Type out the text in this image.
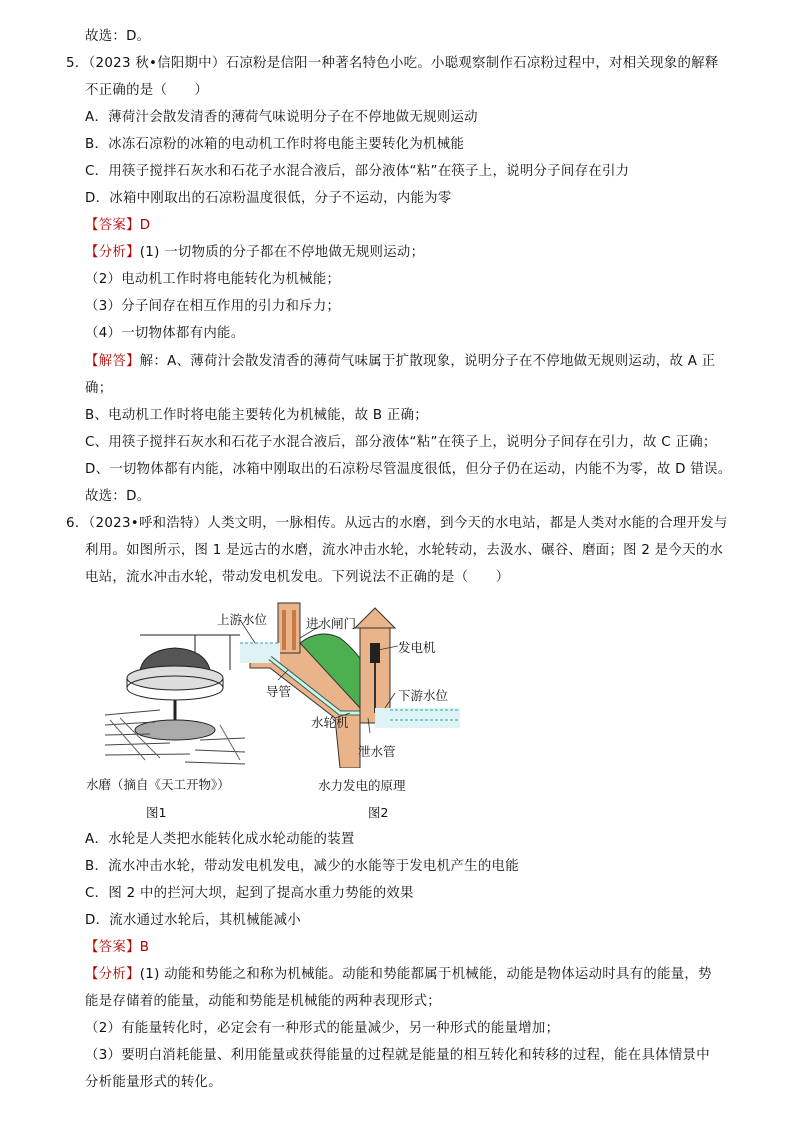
故选：D。
5．（2023 秋•信阳期中）石凉粉是信阳一种著名特色小吃。小聪观察制作石凉粉过程中，对相关现象的解释
不正确的是（　　）
A．薄荷汁会散发清香的薄荷气味说明分子在不停地做无规则运动
B．冰冻石凉粉的冰箱的电动机工作时将电能主要转化为机械能
C．用筷子搅拌石灰水和石花子水混合液后，部分液体“粘”在筷子上，说明分子间存在引力
D．冰箱中刚取出的石凉粉温度很低，分子不运动，内能为零
【答案】D
【分析】(1) 一切物质的分子都在不停地做无规则运动；
（2）电动机工作时将电能转化为机械能；
（3）分子间存在相互作用的引力和斥力；
（4）一切物体都有内能。
【解答】解：A、薄荷汁会散发清香的薄荷气味属于扩散现象，说明分子在不停地做无规则运动，故 A 正
确；
B、电动机工作时将电能主要转化为机械能，故 B 正确；
C、用筷子搅拌石灰水和石花子水混合液后，部分液体“粘”在筷子上，说明分子间存在引力，故 C 正确；
D、一切物体都有内能，冰箱中刚取出的石凉粉尽管温度很低，但分子仍在运动，内能不为零，故 D 错误。
故选：D。
6．（2023•呼和浩特）人类文明，一脉相传。从远古的水磨，到今天的水电站，都是人类对水能的合理开发与
利用。如图所示，图 1 是远古的水磨，流水冲击水轮，水轮转动，去汲水、碾谷、磨面；图 2 是今天的水
电站，流水冲击水轮，带动发电机发电。下列说法不正确的是（　　）
上游水位	进水闸门
发电机
导管	下游水位
水轮机
泄水管
水磨（摘自《天工开物》）	水力发电的原理
图1	图2
A．水轮是人类把水能转化成水轮动能的装置
B．流水冲击水轮，带动发电机发电，减少的水能等于发电机产生的电能
C．图 2 中的拦河大坝，起到了提高水重力势能的效果
D．流水通过水轮后，其机械能减小
【答案】B
【分析】(1) 动能和势能之和称为机械能。动能和势能都属于机械能，动能是物体运动时具有的能量，势
能是存储着的能量，动能和势能是机械能的两种表现形式；
（2）有能量转化时，必定会有一种形式的能量减少，另一种形式的能量增加；
（3）要明白消耗能量、利用能量或获得能量的过程就是能量的相互转化和转移的过程，能在具体情景中
分析能量形式的转化。
